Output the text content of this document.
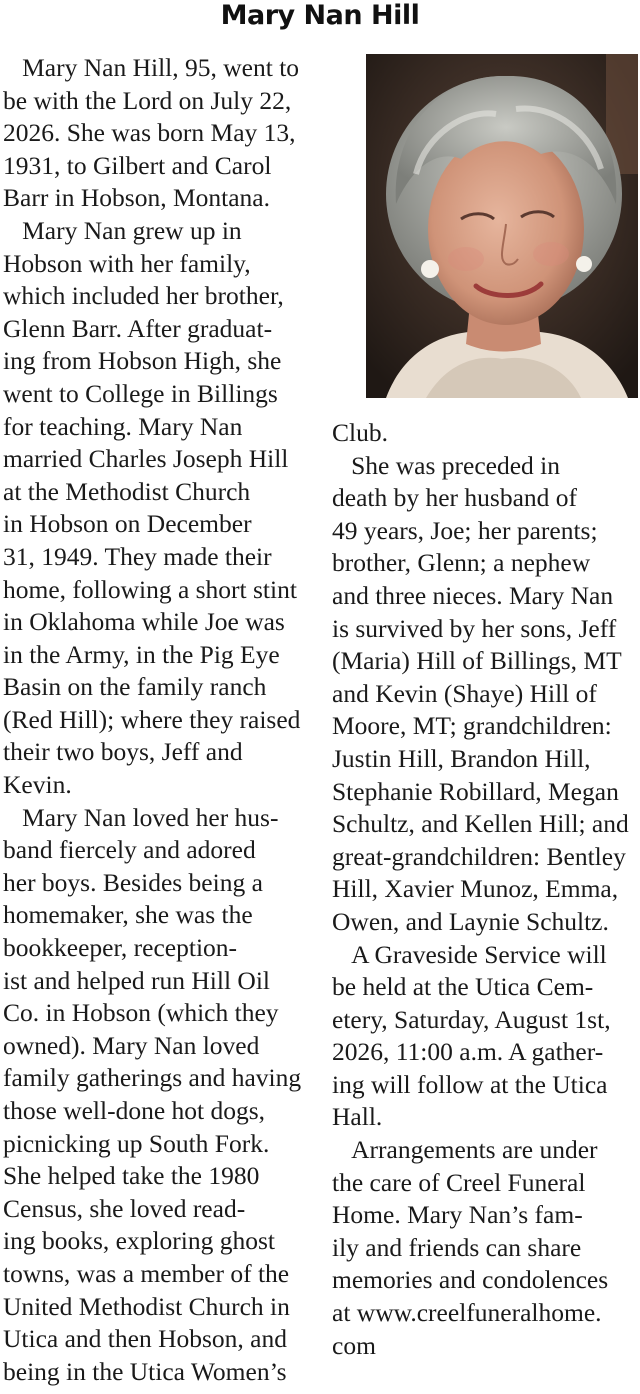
Mary Nan Hill
Mary Nan Hill, 95, went to
be with the Lord on July 22,
2026. She was born May 13,
1931, to Gilbert and Carol
Barr in Hobson, Montana.
Mary Nan grew up in
Hobson with her family,
which included her brother,
Glenn Barr. After graduat-
ing from Hobson High, she
went to College in Billings
for teaching. Mary Nan
married Charles Joseph Hill
at the Methodist Church
in Hobson on December
31, 1949. They made their
home, following a short stint
in Oklahoma while Joe was
in the Army, in the Pig Eye
Basin on the family ranch
(Red Hill); where they raised
their two boys, Jeff and
Kevin.
Mary Nan loved her hus-
band fiercely and adored
her boys. Besides being a
homemaker, she was the
bookkeeper, reception-
ist and helped run Hill Oil
Co. in Hobson (which they
owned). Mary Nan loved
family gatherings and having
those well-done hot dogs,
picnicking up South Fork.
She helped take the 1980
Census, she loved read-
ing books, exploring ghost
towns, was a member of the
United Methodist Church in
Utica and then Hobson, and
being in the Utica Women’s
Club.
She was preceded in
death by her husband of
49 years, Joe; her parents;
brother, Glenn; a nephew
and three nieces. Mary Nan
is survived by her sons, Jeff
(Maria) Hill of Billings, MT
and Kevin (Shaye) Hill of
Moore, MT; grandchildren:
Justin Hill, Brandon Hill,
Stephanie Robillard, Megan
Schultz, and Kellen Hill; and
great-grandchildren: Bentley
Hill, Xavier Munoz, Emma,
Owen, and Laynie Schultz.
A Graveside Service will
be held at the Utica Cem-
etery, Saturday, August 1st,
2026, 11:00 a.m. A gather-
ing will follow at the Utica
Hall.
Arrangements are under
the care of Creel Funeral
Home. Mary Nan’s fam-
ily and friends can share
memories and condolences
at www.creelfuneralhome.
com
